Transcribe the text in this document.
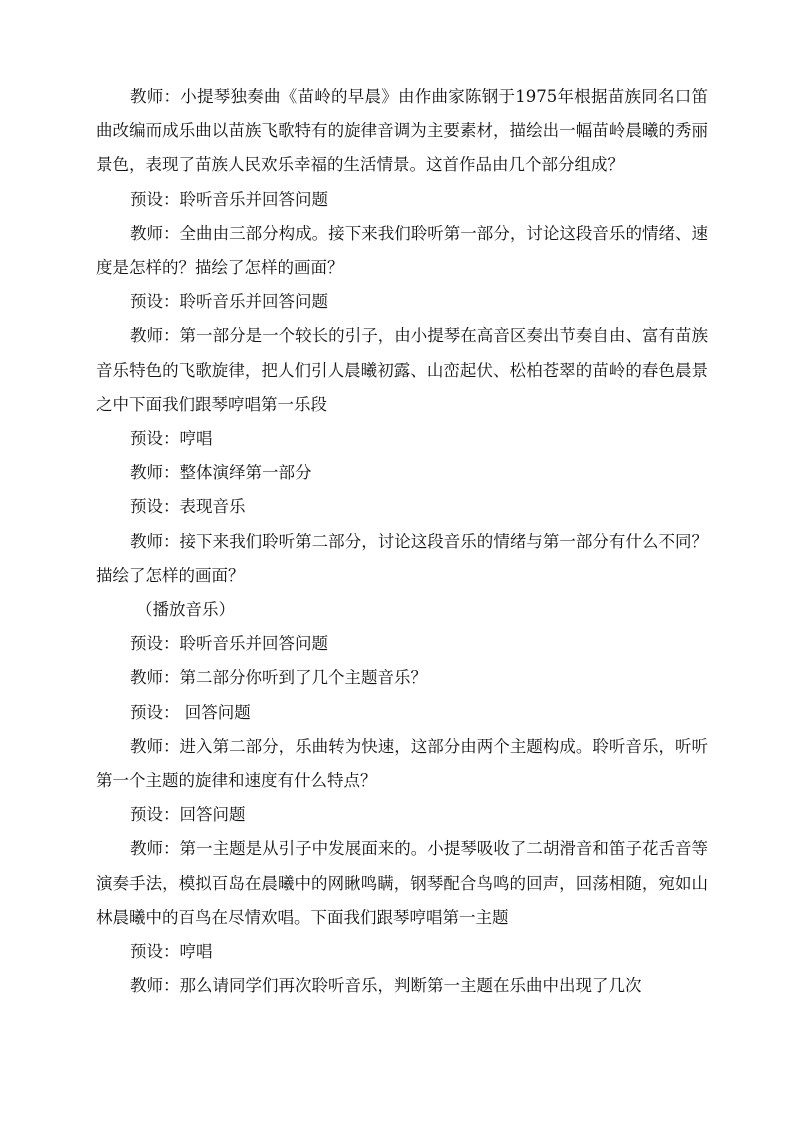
教师：小提琴独奏曲《苗岭的早晨》由作曲家陈钢于1975年根据苗族同名口笛曲改编而成乐曲以苗族飞歌特有的旋律音调为主要素材，描绘出一幅苗岭晨曦的秀丽景色，表现了苗族人民欢乐幸福的生活情景。这首作品由几个部分组成？

预设：聆听音乐并回答问题

教师：全曲由三部分构成。接下来我们聆听第一部分，讨论这段音乐的情绪、速度是怎样的？描绘了怎样的画面？

预设：聆听音乐并回答问题

教师：第一部分是一个较长的引子，由小提琴在高音区奏出节奏自由、富有苗族音乐特色的飞歌旋律，把人们引人晨曦初露、山峦起伏、松柏苍翠的苗岭的春色晨景之中下面我们跟琴哼唱第一乐段

预设：哼唱

教师：整体演绎第一部分

预设：表现音乐

教师：接下来我们聆听第二部分，讨论这段音乐的情绪与第一部分有什么不同？描绘了怎样的画面？

（播放音乐）

预设：聆听音乐并回答问题

教师：第二部分你听到了几个主题音乐？

预设： 回答问题

教师：进入第二部分，乐曲转为快速，这部分由两个主题构成。聆听音乐，听听第一个主题的旋律和速度有什么特点？

预设：回答问题

教师：第一主题是从引子中发展面来的。小提琴吸收了二胡滑音和笛子花舌音等演奏手法，模拟百岛在晨曦中的网瞅鸣瞒，钢琴配合鸟鸣的回声，回荡相随，宛如山林晨曦中的百鸟在尽情欢唱。下面我们跟琴哼唱第一主题

预设：哼唱

教师：那么请同学们再次聆听音乐，判断第一主题在乐曲中出现了几次
